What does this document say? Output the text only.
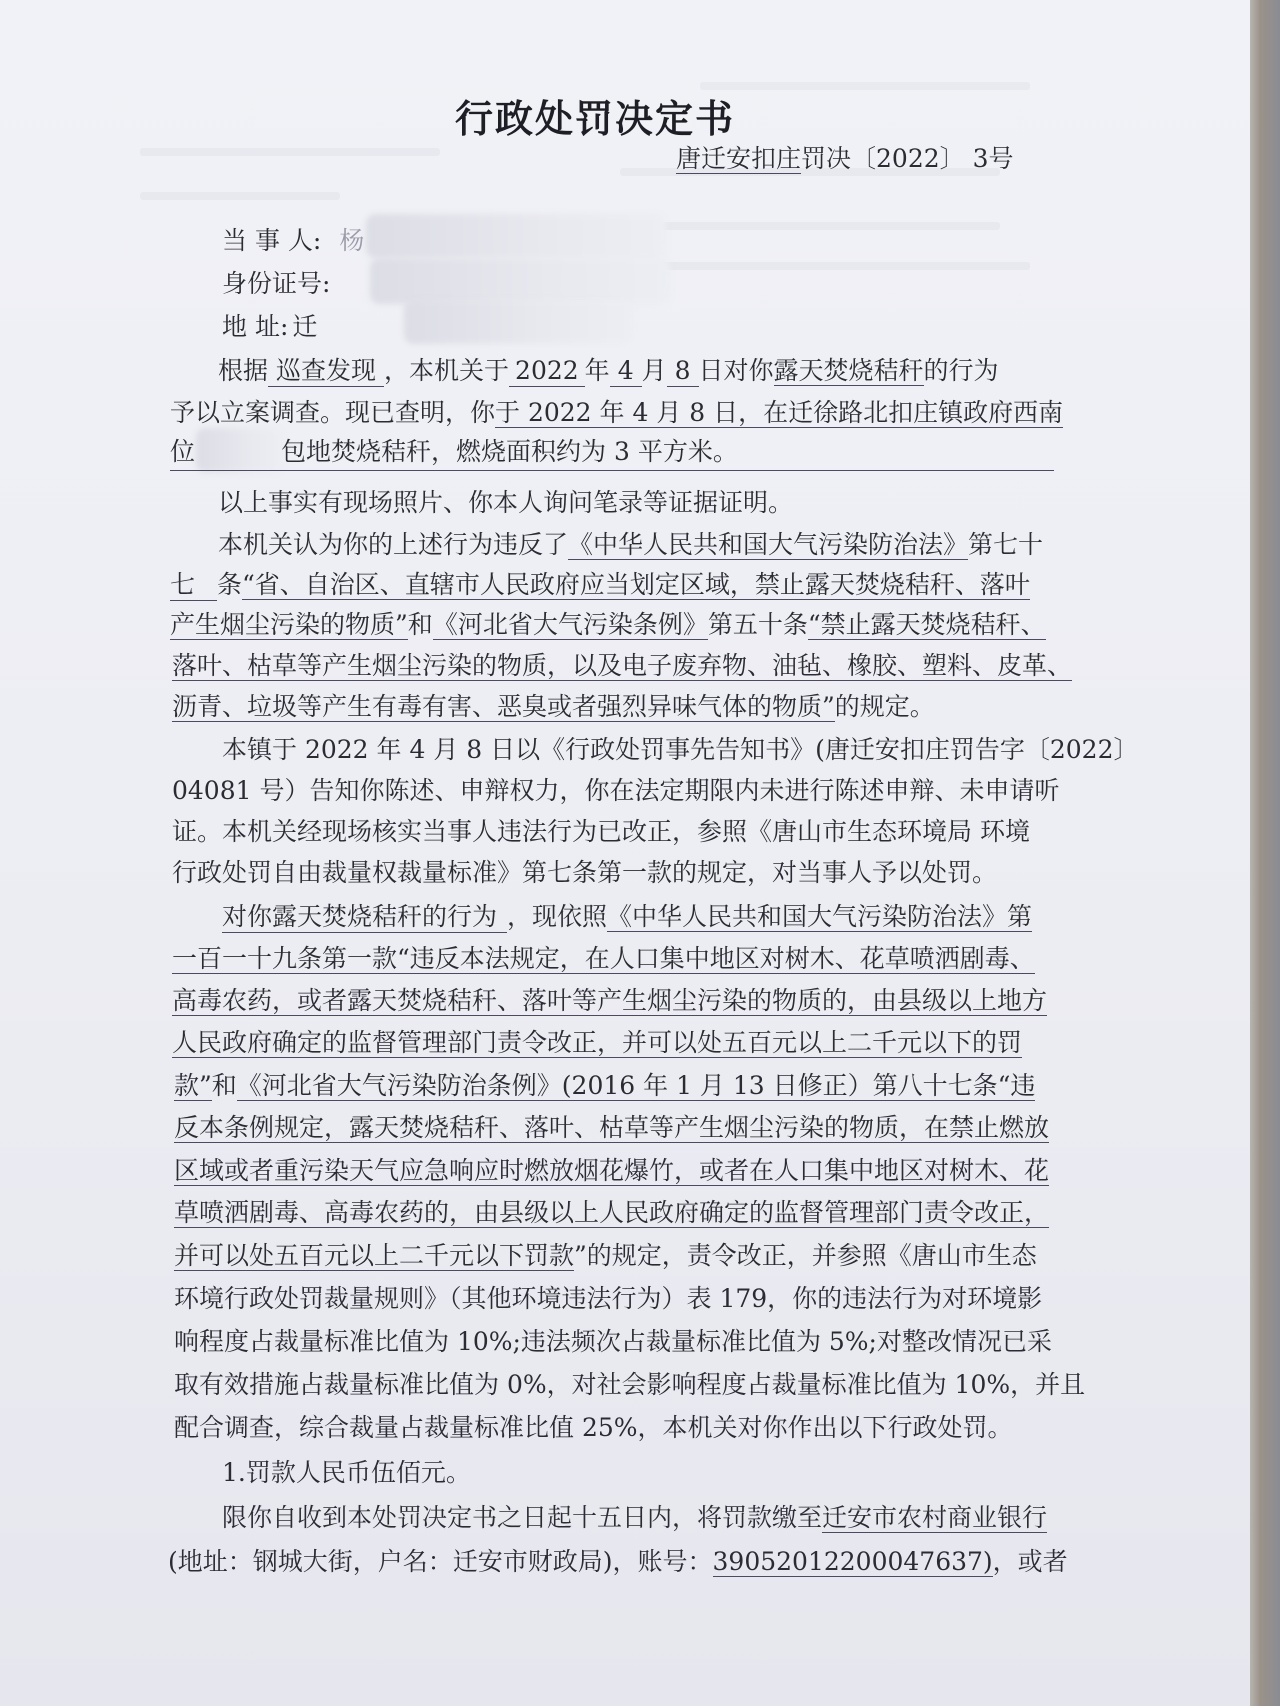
行政处罚决定书
唐迁安扣庄罚决〔2022〕 3号
当 事 人: 杨
身份证号:
地 址: 迁
根据 巡查发现 ，本机关于 2022 年 4 月 8 日对你露天焚烧秸秆的行为
予以立案调查。现已查明，你于 2022 年 4 月 8 日，在迁徐路北扣庄镇政府西南
位	包地焚烧秸秆，燃烧面积约为 3 平方米。
以上事实有现场照片、你本人询问笔录等证据证明。
本机关认为你的上述行为违反了《中华人民共和国大气污染防治法》第七十
七 条“省、自治区、直辖市人民政府应当划定区域，禁止露天焚烧秸秆、落叶
产生烟尘污染的物质”和《河北省大气污染条例》第五十条“禁止露天焚烧秸秆、
落叶、枯草等产生烟尘污染的物质，以及电子废弃物、油毡、橡胶、塑料、皮革、
沥青、垃圾等产生有毒有害、恶臭或者强烈异味气体的物质”的规定。
本镇于 2022 年 4 月 8 日以《行政处罚事先告知书》(唐迁安扣庄罚告字〔2022〕
04081 号）告知你陈述、申辩权力，你在法定期限内未进行陈述申辩、未申请听
证。本机关经现场核实当事人违法行为已改正，参照《唐山市生态环境局 环境
行政处罚自由裁量权裁量标准》第七条第一款的规定，对当事人予以处罚。
对你露天焚烧秸秆的行为 ，现依照《中华人民共和国大气污染防治法》第
一百一十九条第一款“违反本法规定，在人口集中地区对树木、花草喷洒剧毒、
高毒农药，或者露天焚烧秸秆、落叶等产生烟尘污染的物质的，由县级以上地方
人民政府确定的监督管理部门责令改正，并可以处五百元以上二千元以下的罚
款”和《河北省大气污染防治条例》(2016 年 1 月 13 日修正）第八十七条“违
反本条例规定，露天焚烧秸秆、落叶、枯草等产生烟尘污染的物质，在禁止燃放
区域或者重污染天气应急响应时燃放烟花爆竹，或者在人口集中地区对树木、花
草喷洒剧毒、高毒农药的，由县级以上人民政府确定的监督管理部门责令改正，
并可以处五百元以上二千元以下罚款”的规定，责令改正，并参照《唐山市生态
环境行政处罚裁量规则》（其他环境违法行为）表 179，你的违法行为对环境影
响程度占裁量标准比值为 10%;违法频次占裁量标准比值为 5%;对整改情况已采
取有效措施占裁量标准比值为 0%，对社会影响程度占裁量标准比值为 10%，并且
配合调查，综合裁量占裁量标准比值 25%，本机关对你作出以下行政处罚。
1.罚款人民币伍佰元。
限你自收到本处罚决定书之日起十五日内，将罚款缴至迁安市农村商业银行
(地址：钢城大街，户名：迁安市财政局)，账号：39052012200047637)，或者
